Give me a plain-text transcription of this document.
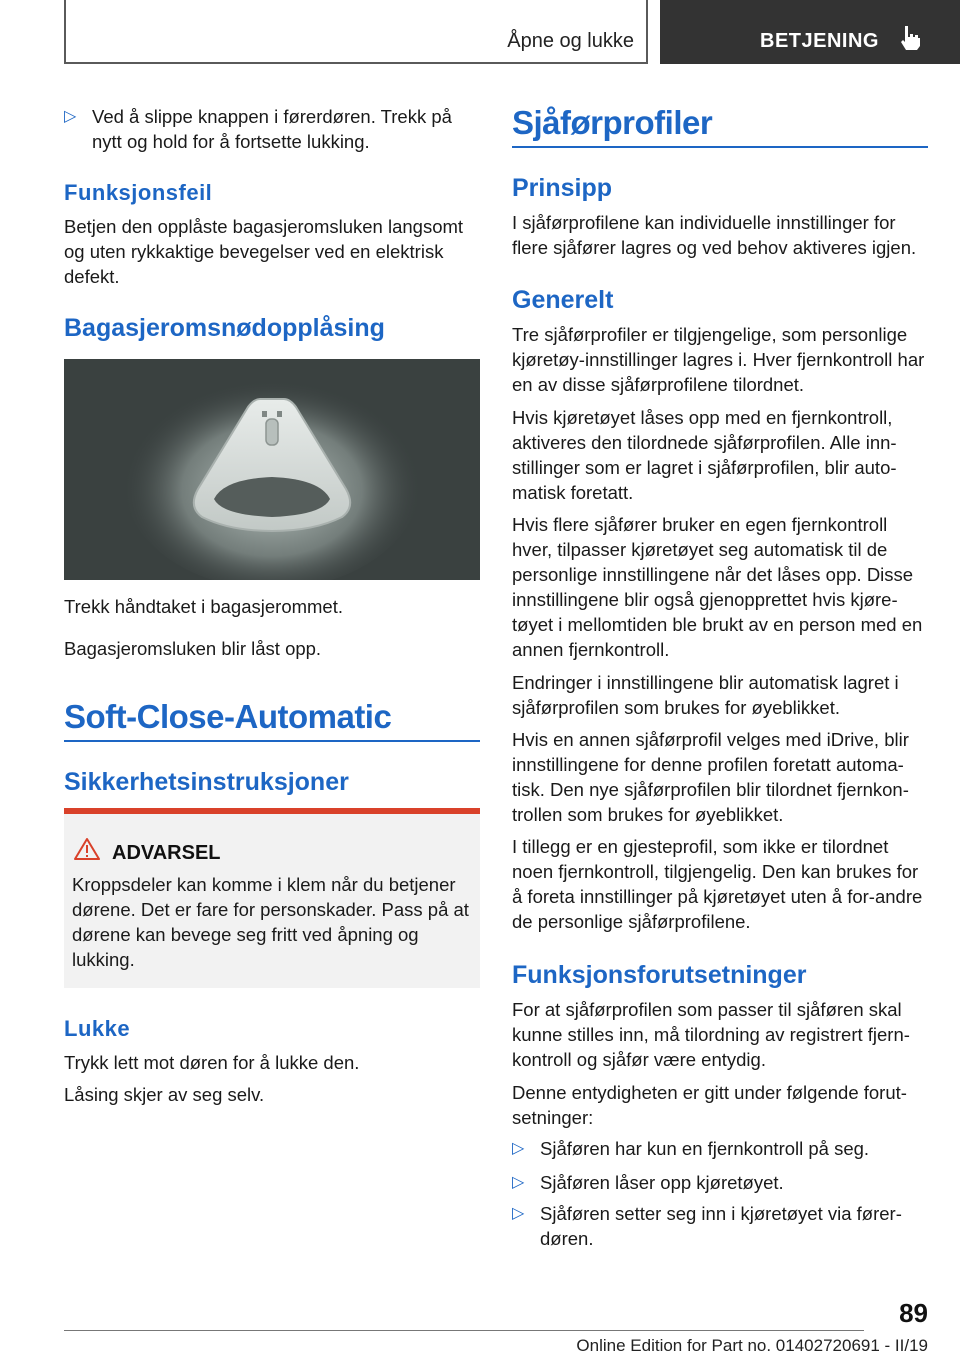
Åpne og lukke	BETJENING
▷ Ved å slippe knappen i førerdøren. Trekk på nytt og hold for å fortsette lukking.
Funksjonsfeil

Betjen den opplåste bagasjeromsluken langsomt og uten rykkaktige bevegelser ved en elektrisk defekt.

Bagasjeromsnødopplåsing

Trekk håndtaket i bagasjerommet.

Bagasjeromsluken blir låst opp.

Soft-Close-Automatic
Sikkerhetsinstruksjoner
ADVARSEL

Kroppsdeler kan komme i klem når du betjener dørene. Det er fare for personskader. Pass på at dørene kan bevege seg fritt ved åpning og lukking.

Lukke

Trykk lett mot døren for å lukke den.

Låsing skjer av seg selv.

Sjåførprofiler
Prinsipp

I sjåførprofilene kan individuelle innstillinger for flere sjåfører lagres og ved behov aktiveres igjen.

Generelt

Tre sjåførprofiler er tilgjengelige, som personlige kjøretøy-innstillinger lagres i. Hver fjernkontroll har en av disse sjåførprofilene tilordnet.

Hvis kjøretøyet låses opp med en fjernkontroll, aktiveres den tilordnede sjåførprofilen. Alle inn-stillinger som er lagret i sjåførprofilen, blir auto-matisk foretatt.

Hvis flere sjåfører bruker en egen fjernkontroll hver, tilpasser kjøretøyet seg automatisk til de personlige innstillingene når det låses opp. Disse innstillingene blir også gjenopprettet hvis kjøre-tøyet i mellomtiden ble brukt av en person med en annen fjernkontroll.

Endringer i innstillingene blir automatisk lagret i sjåførprofilen som brukes for øyeblikket.

Hvis en annen sjåførprofil velges med iDrive, blir innstillingene for denne profilen foretatt automa-tisk. Den nye sjåførprofilen blir tilordnet fjernkon-trollen som brukes for øyeblikket.

I tillegg er en gjesteprofil, som ikke er tilordnet noen fjernkontroll, tilgjengelig. Den kan brukes for å foreta innstillinger på kjøretøyet uten å for-andre de personlige sjåførprofilene.

Funksjonsforutsetninger

For at sjåførprofilen som passer til sjåføren skal kunne stilles inn, må tilordning av registrert fjern-kontroll og sjåfør være entydig.

Denne entydigheten er gitt under følgende forut-setninger:

▷ Sjåføren har kun en fjernkontroll på seg.
▷ Sjåføren låser opp kjøretøyet.
▷ Sjåføren setter seg inn i kjøretøyet via fører-døren.
89
Online Edition for Part no. 01402720691 - II/19
